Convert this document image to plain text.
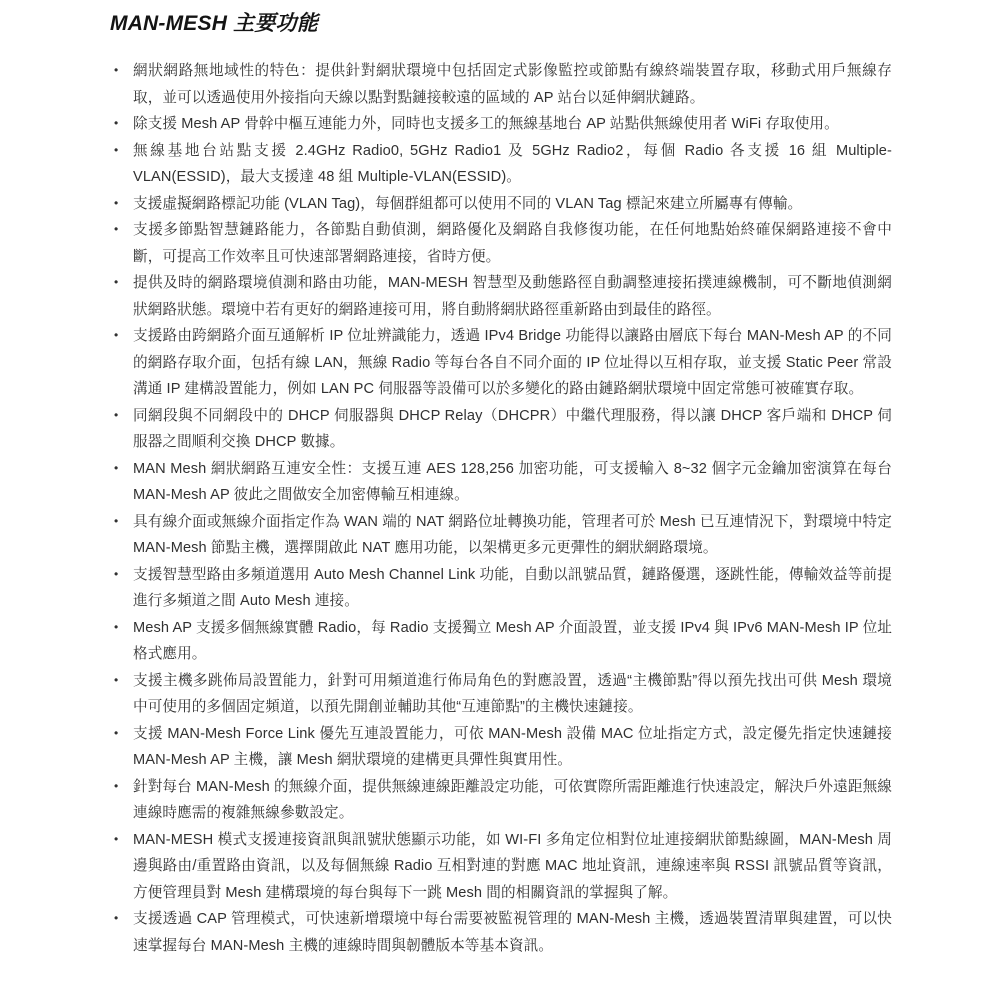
MAN-MESH 主要功能
• 網狀網路無地域性的特色：提供針對網狀環境中包括固定式影像監控或節點有線終端裝置存取，移動式用戶無線存取，並可以透過使用外接指向天線以點對點鏈接較遠的區域的 AP 站台以延伸網狀鏈路。
• 除支援 Mesh AP 骨幹中樞互連能力外，同時也支援多工的無線基地台 AP 站點供無線使用者 WiFi 存取使用。
• 無線基地台站點支援 2.4GHz Radio0, 5GHz Radio1 及 5GHz Radio2，每個 Radio 各支援 16 組 Multiple-VLAN(ESSID)，最大支援達 48 組 Multiple-VLAN(ESSID)。
• 支援虛擬網路標記功能 (VLAN Tag)，每個群組都可以使用不同的 VLAN Tag 標記來建立所屬專有傳輸。
• 支援多節點智慧鏈路能力，各節點自動偵測，網路優化及網路自我修復功能，在任何地點始終確保網路連接不會中斷，可提高工作效率且可快速部署網路連接，省時方便。
• 提供及時的網路環境偵測和路由功能，MAN-MESH 智慧型及動態路徑自動調整連接拓撲連線機制，可不斷地偵測網狀網路狀態。環境中若有更好的網路連接可用，將自動將網狀路徑重新路由到最佳的路徑。
• 支援路由跨網路介面互通解析 IP 位址辨識能力，透過 IPv4 Bridge 功能得以讓路由層底下每台 MAN-Mesh AP 的不同的網路存取介面，包括有線 LAN，無線 Radio 等每台各自不同介面的 IP 位址得以互相存取，並支援 Static Peer 常設溝通 IP 建構設置能力，例如 LAN PC 伺服器等設備可以於多變化的路由鏈路網狀環境中固定常態可被確實存取。
• 同網段與不同網段中的 DHCP 伺服器與 DHCP Relay（DHCPR）中繼代理服務，得以讓 DHCP 客戶端和 DHCP 伺服器之間順利交換 DHCP 數據。
• MAN Mesh 網狀網路互連安全性：支援互連 AES 128,256 加密功能，可支援輸入 8~32 個字元金鑰加密演算在每台 MAN-Mesh AP 彼此之間做安全加密傳輸互相連線。
• 具有線介面或無線介面指定作為 WAN 端的 NAT 網路位址轉換功能，管理者可於 Mesh 已互連情況下，對環境中特定 MAN-Mesh 節點主機，選擇開啟此 NAT 應用功能，以架構更多元更彈性的網狀網路環境。
• 支援智慧型路由多頻道選用 Auto Mesh Channel Link 功能，自動以訊號品質，鏈路優選，逐跳性能，傳輸效益等前提進行多頻道之間 Auto Mesh 連接。
• Mesh AP 支援多個無線實體 Radio，每 Radio 支援獨立 Mesh AP 介面設置，並支援 IPv4 與 IPv6 MAN-Mesh IP 位址格式應用。
• 支援主機多跳佈局設置能力，針對可用頻道進行佈局角色的對應設置，透過“主機節點”得以預先找出可供 Mesh 環境中可使用的多個固定頻道，以預先開創並輔助其他“互連節點”的主機快速鏈接。
• 支援 MAN-Mesh Force Link 優先互連設置能力，可依 MAN-Mesh 設備 MAC 位址指定方式，設定優先指定快速鏈接 MAN-Mesh AP 主機，讓 Mesh 網狀環境的建構更具彈性與實用性。
• 針對每台 MAN-Mesh 的無線介面，提供無線連線距離設定功能，可依實際所需距離進行快速設定，解決戶外遠距無線連線時應需的複雜無線參數設定。
• MAN-MESH 模式支援連接資訊與訊號狀態顯示功能，如 WI-FI 多角定位相對位址連接網狀節點線圖，MAN-Mesh 周邊與路由/重置路由資訊，以及每個無線 Radio 互相對連的對應 MAC 地址資訊，連線速率與 RSSI 訊號品質等資訊，方便管理員對 Mesh 建構環境的每台與每下一跳 Mesh 間的相關資訊的掌握與了解。
• 支援透過 CAP 管理模式，可快速新增環境中每台需要被監視管理的 MAN-Mesh 主機，透過裝置清單與建置，可以快速掌握每台 MAN-Mesh 主機的連線時間與韌體版本等基本資訊。
